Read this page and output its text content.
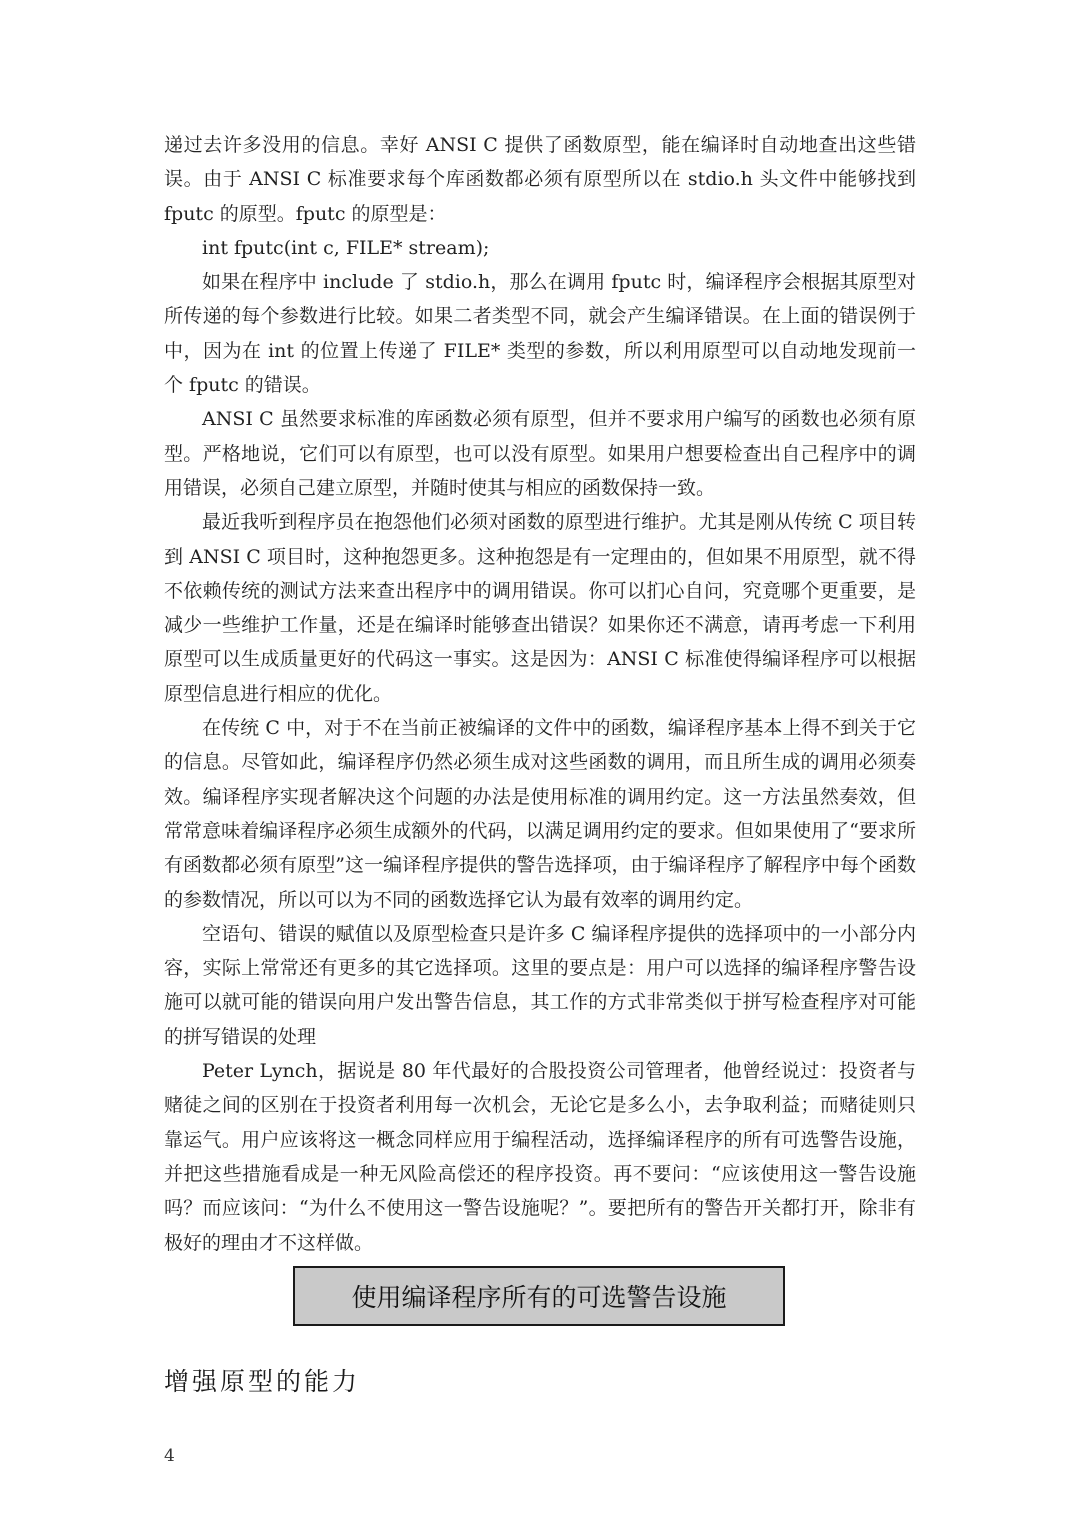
递过去许多没用的信息。幸好 ANSI C 提供了函数原型，能在编译时自动地查出这些错误。由于 ANSI C 标准要求每个库函数都必须有原型所以在 stdio.h 头文件中能够找到 fputc 的原型。fputc 的原型是：

int fputc(int c, FILE* stream);

如果在程序中 include 了 stdio.h，那么在调用 fputc 时，编译程序会根据其原型对所传递的每个参数进行比较。如果二者类型不同，就会产生编译错误。在上面的错误例于中，因为在 int 的位置上传递了 FILE* 类型的参数，所以利用原型可以自动地发现前一个 fputc 的错误。

ANSI C 虽然要求标准的库函数必须有原型，但并不要求用户编写的函数也必须有原型。严格地说，它们可以有原型，也可以没有原型。如果用户想要检查出自己程序中的调用错误，必须自己建立原型，并随时使其与相应的函数保持一致。

最近我听到程序员在抱怨他们必须对函数的原型进行维护。尤其是刚从传统 C 项目转到 ANSI C 项目时，这种抱怨更多。这种抱怨是有一定理由的，但如果不用原型，就不得不依赖传统的测试方法来查出程序中的调用错误。你可以扪心自问，究竟哪个更重要，是减少一些维护工作量，还是在编译时能够查出错误？如果你还不满意，请再考虑一下利用原型可以生成质量更好的代码这一事实。这是因为：ANSI C 标准使得编译程序可以根据原型信息进行相应的优化。

在传统 C 中，对于不在当前正被编译的文件中的函数，编译程序基本上得不到关于它的信息。尽管如此，编译程序仍然必须生成对这些函数的调用，而且所生成的调用必须奏效。编译程序实现者解决这个问题的办法是使用标准的调用约定。这一方法虽然奏效，但常常意味着编译程序必须生成额外的代码，以满足调用约定的要求。但如果使用了“要求所有函数都必须有原型”这一编译程序提供的警告选择项，由于编译程序了解程序中每个函数的参数情况，所以可以为不同的函数选择它认为最有效率的调用约定。

空语句、错误的赋值以及原型检查只是许多 C 编译程序提供的选择项中的一小部分内容，实际上常常还有更多的其它选择项。这里的要点是：用户可以选择的编译程序警告设施可以就可能的错误向用户发出警告信息，其工作的方式非常类似于拼写检查程序对可能的拼写错误的处理

Peter Lynch，据说是 80 年代最好的合股投资公司管理者，他曾经说过：投资者与赌徒之间的区别在于投资者利用每一次机会，无论它是多么小，去争取利益；而赌徒则只靠运气。用户应该将这一概念同样应用于编程活动，选择编译程序的所有可选警告设施，并把这些措施看成是一种无风险高偿还的程序投资。再不要问：“应该使用这一警告设施吗？而应该问：“为什么不使用这一警告设施呢？”。要把所有的警告开关都打开，除非有极好的理由才不这样做。

使用编译程序所有的可选警告设施
增强原型的能力
4
